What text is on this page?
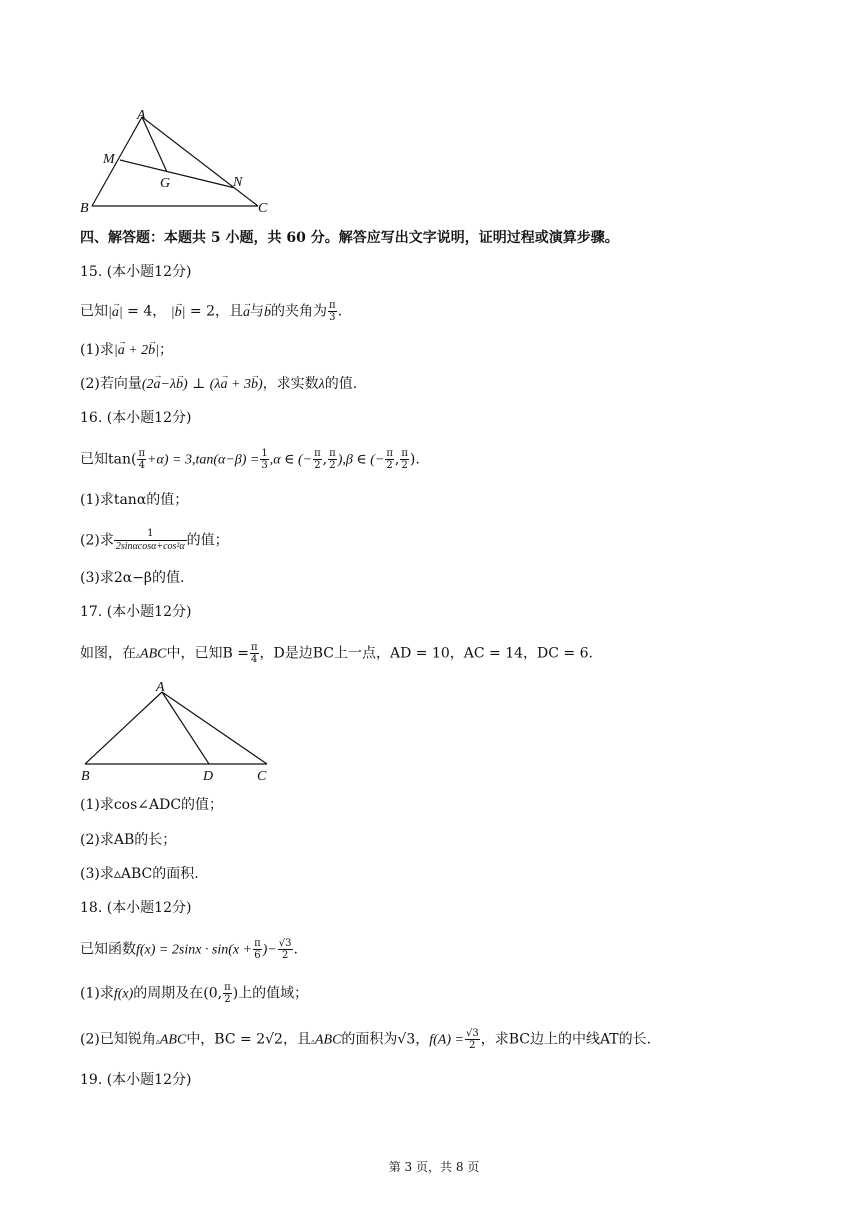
A
M
G	N
B	C
四、解答题：本题共 5 小题，共 60 分。解答应写出文字说明，证明过程或演算步骤。
15. (本小题12分)
已知|→ a| = 4， |→ b| = 2，且→ a与→ b的夹角为 $\frac{\pi}{3}$ .
(1)求|→ a + 2→ b|；
(2)若向量(2→ a−λ→ b) ⊥ (λ→ a + 3→ b)，求实数λ的值.
16. (本小题12分)
已知$\tan( \frac{\pi}{4} +\alpha) = 3,\tan(\alpha-\beta) = \frac{1}{3} ,\alpha$ ∈ (− $\frac{\pi}{2}$ , $\frac{\pi}{2} ),\beta$ ∈ (− $\frac{\pi}{2}$ , $\frac{\pi}{2}$ ).
(1)求tanα的值；
(2)求 $\frac{1}{\text{2sinαcosα+cos²α}}$ 的值；
(3)求2α−β的值.
17. (本小题12分)
如图，在▵ABC中，已知$B = \frac{\pi}{4}$ ，D是边BC上一点，AD = 10，AC = 14，DC = 6.
A
B	D	C
(1)求cos∠ADC的值；
(2)求AB的长；
(3)求▵ABC的面积.
18. (本小题12分)
已知函数$f(x) = 2\sin x \cdot \sin(x + \frac{\pi}{6}$ )− $\frac{√3}{2}$ .
(1)求f(x)的周期及在(0, $\frac{\pi}{2}$ )上的值域；
(2)已知锐角▵ABC中，BC = 2√2，且▵ABC的面积为√3，$f(A) = \frac{√3}{2}$ ，求BC边上的中线AT的长.
19. (本小题12分)
第 3 页，共 8 页
